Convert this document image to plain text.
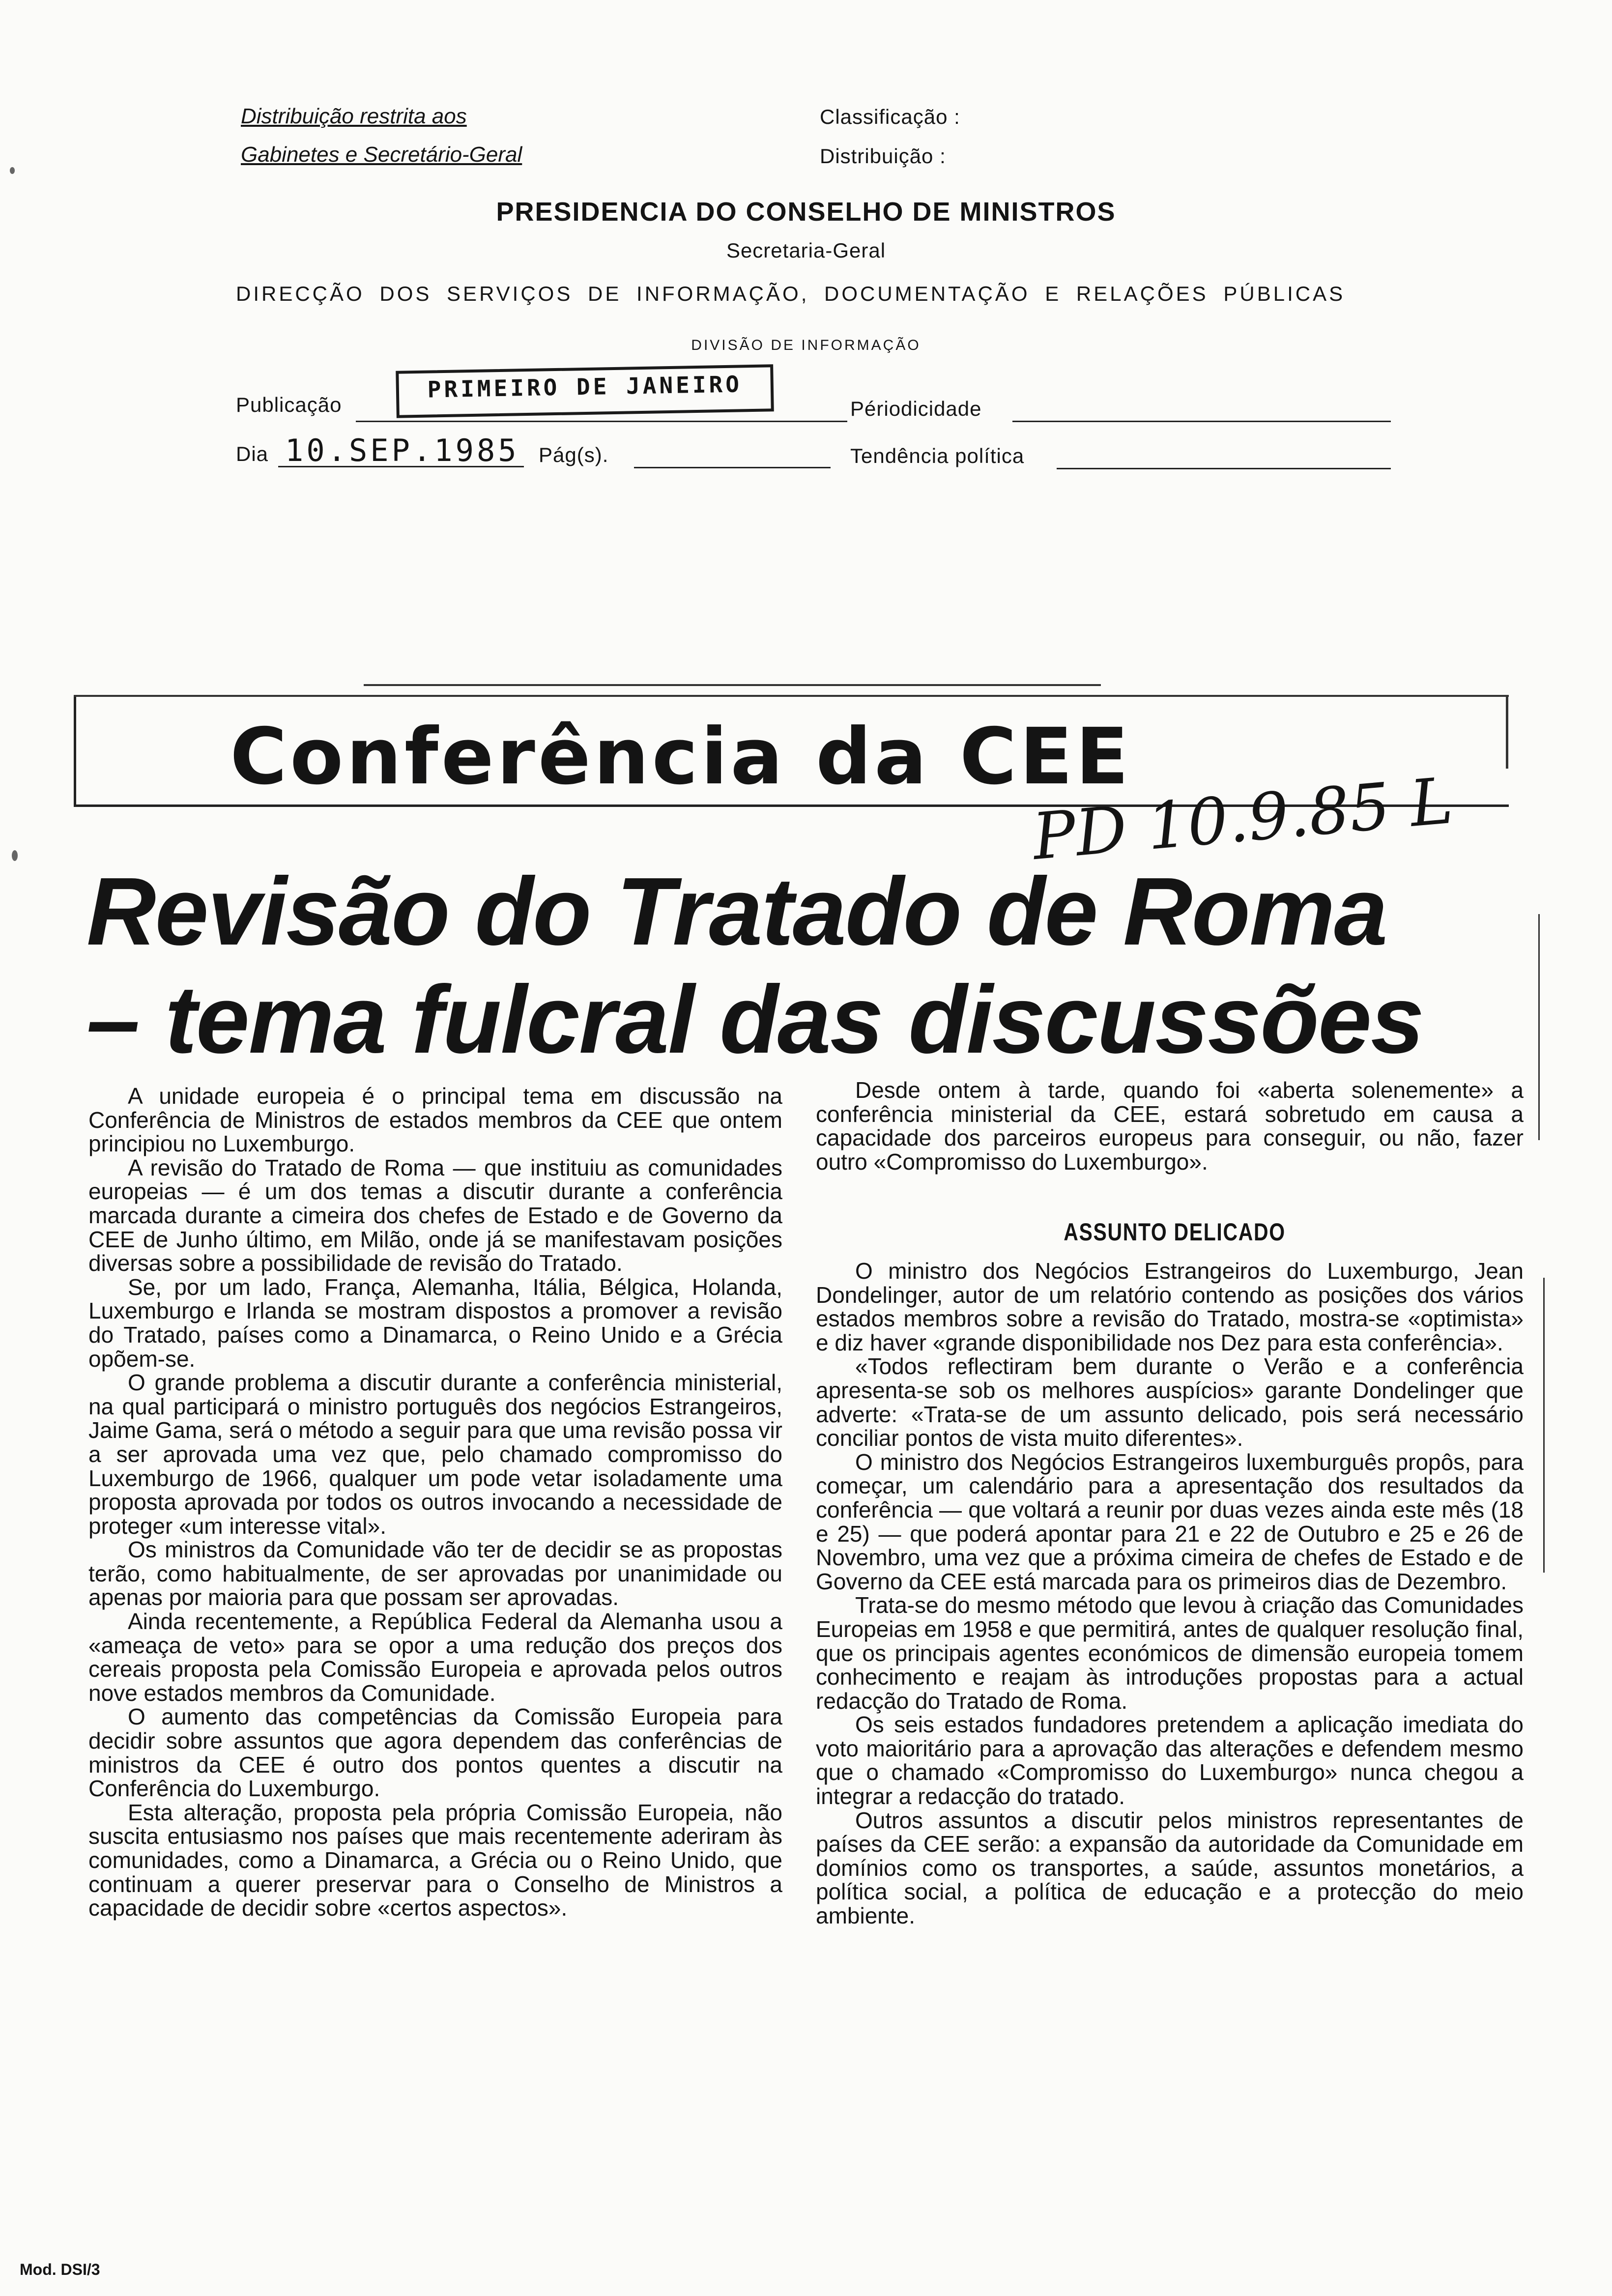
Distribuição restrita aos
Gabinetes e Secretário-Geral
Classificação :
Distribuição :
PRESIDENCIA DO CONSELHO DE MINISTROS
Secretaria-Geral
DIRECÇÃO DOS SERVIÇOS DE INFORMAÇÃO, DOCUMENTAÇÃO E RELAÇÕES PÚBLICAS
DIVISÃO DE INFORMAÇÃO
Publicação
PRIMEIRO DE JANEIRO
Périodicidade
Dia 10.SEP.1985 Pág(s).	Tendência política
Conferência da CEE
PD 10.9.85 L
Revisão do Tratado de Roma
– tema fulcral das discussões

A unidade europeia é o principal tema em discussão na Conferência de Ministros de estados membros da CEE que ontem principiou no Luxemburgo.

A revisão do Tratado de Roma — que instituiu as comunidades europeias — é um dos temas a discutir durante a conferência marcada durante a cimeira dos chefes de Estado e de Governo da CEE de Junho último, em Milão, onde já se manifestavam posições diversas sobre a possibilidade de revisão do Tratado.

Se, por um lado, França, Alemanha, Itália, Bélgica, Holanda, Luxemburgo e Irlanda se mostram dispostos a promover a revisão do Tratado, países como a Dinamarca, o Reino Unido e a Grécia opõem-se.

O grande problema a discutir durante a conferência ministerial, na qual participará o ministro português dos negócios Estrangeiros, Jaime Gama, será o método a seguir para que uma revisão possa vir a ser aprovada uma vez que, pelo chamado compromisso do Luxemburgo de 1966, qualquer um pode vetar isoladamente uma proposta aprovada por todos os outros invocando a necessidade de proteger «um interesse vital».

Os ministros da Comunidade vão ter de decidir se as propostas terão, como habitualmente, de ser aprovadas por unanimidade ou apenas por maioria para que possam ser aprovadas.

Ainda recentemente, a República Federal da Alemanha usou a «ameaça de veto» para se opor a uma redução dos preços dos cereais proposta pela Comissão Europeia e aprovada pelos outros nove estados membros da Comunidade.

O aumento das competências da Comissão Europeia para decidir sobre assuntos que agora dependem das conferências de ministros da CEE é outro dos pontos quentes a discutir na Conferência do Luxemburgo.

Esta alteração, proposta pela própria Comissão Europeia, não suscita entusiasmo nos países que mais recentemente aderiram às comunidades, como a Dinamarca, a Grécia ou o Reino Unido, que continuam a querer preservar para o Conselho de Ministros a capacidade de decidir sobre «certos aspectos».

Desde ontem à tarde, quando foi «aberta solenemente» a conferência ministerial da CEE, estará sobretudo em causa a capacidade dos parceiros europeus para conseguir, ou não, fazer outro «Compromisso do Luxemburgo».

ASSUNTO DELICADO

O ministro dos Negócios Estrangeiros do Luxemburgo, Jean Dondelinger, autor de um relatório contendo as posições dos vários estados membros sobre a revisão do Tratado, mostra-se «optimista» e diz haver «grande disponibilidade nos Dez para esta conferência».

«Todos reflectiram bem durante o Verão e a conferência apresenta-se sob os melhores auspícios» garante Dondelinger que adverte: «Trata-se de um assunto delicado, pois será necessário conciliar pontos de vista muito diferentes».

O ministro dos Negócios Estrangeiros luxemburguês propôs, para começar, um calendário para a apresentação dos resultados da conferência — que voltará a reunir por duas vezes ainda este mês (18 e 25) — que poderá apontar para 21 e 22 de Outubro e 25 e 26 de Novembro, uma vez que a próxima cimeira de chefes de Estado e de Governo da CEE está marcada para os primeiros dias de Dezembro.

Trata-se do mesmo método que levou à criação das Comunidades Europeias em 1958 e que permitirá, antes de qualquer resolução final, que os principais agentes económicos de dimensão europeia tomem conhecimento e reajam às introduções propostas para a actual redacção do Tratado de Roma.

Os seis estados fundadores pretendem a aplicação imediata do voto maioritário para a aprovação das alterações e defendem mesmo que o chamado «Compromisso do Luxemburgo» nunca chegou a integrar a redacção do tratado.

Outros assuntos a discutir pelos ministros representantes de países da CEE serão: a expansão da autoridade da Comunidade em domínios como os transportes, a saúde, assuntos monetários, a política social, a política de educação e a protecção do meio ambiente.

Mod. DSI/3
